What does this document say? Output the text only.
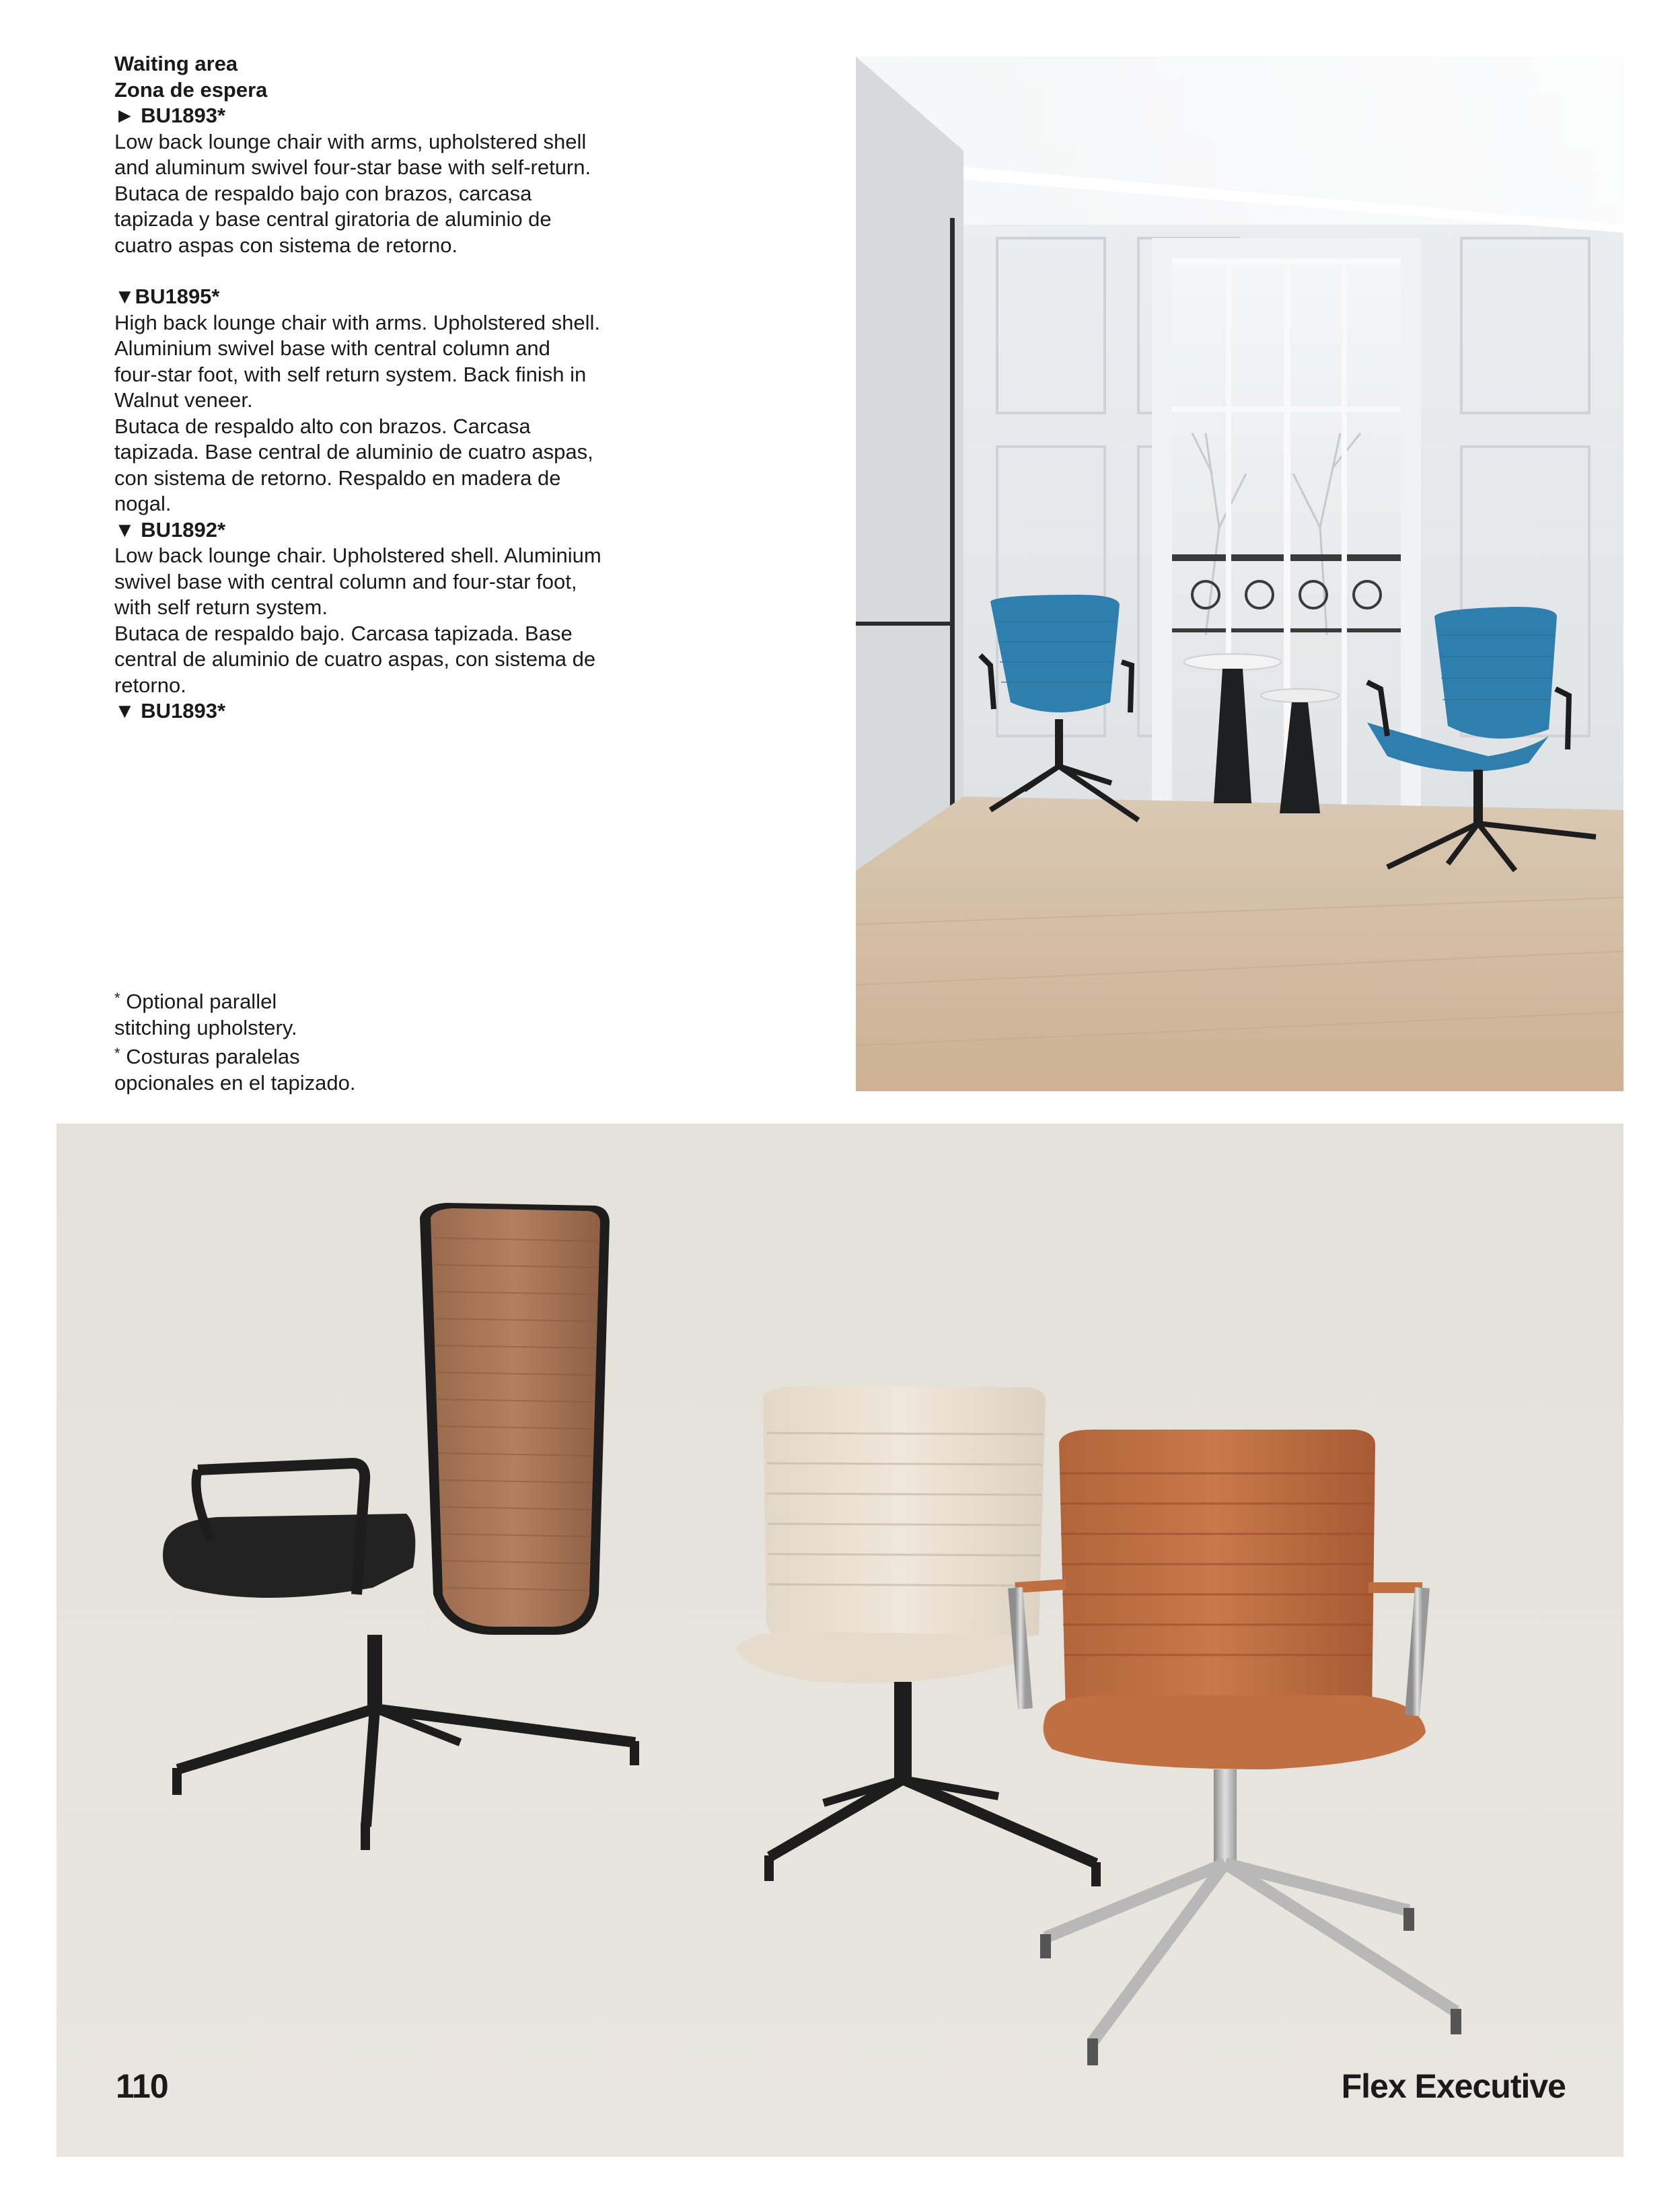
Waiting area
Zona de espera
► BU1893*
Low back lounge chair with arms, upholstered shell
and aluminum swivel four-star base with self-return.
Butaca de respaldo bajo con brazos, carcasa
tapizada y base central giratoria de aluminio de
cuatro aspas con sistema de retorno.
▼BU1895*
High back lounge chair with arms. Upholstered shell.
Aluminium swivel base with central column and
four-star foot, with self return system. Back finish in
Walnut veneer.
Butaca de respaldo alto con brazos. Carcasa
tapizada. Base central de aluminio de cuatro aspas,
con sistema de retorno. Respaldo en madera de
nogal.
▼ BU1892*
Low back lounge chair. Upholstered shell. Aluminium
swivel base with central column and four-star foot,
with self return system.
Butaca de respaldo bajo. Carcasa tapizada. Base
central de aluminio de cuatro aspas, con sistema de
retorno.
▼ BU1893*
* Optional parallel
stitching upholstery.
* Costuras paralelas
opcionales en el tapizado.
110	Flex Executive
